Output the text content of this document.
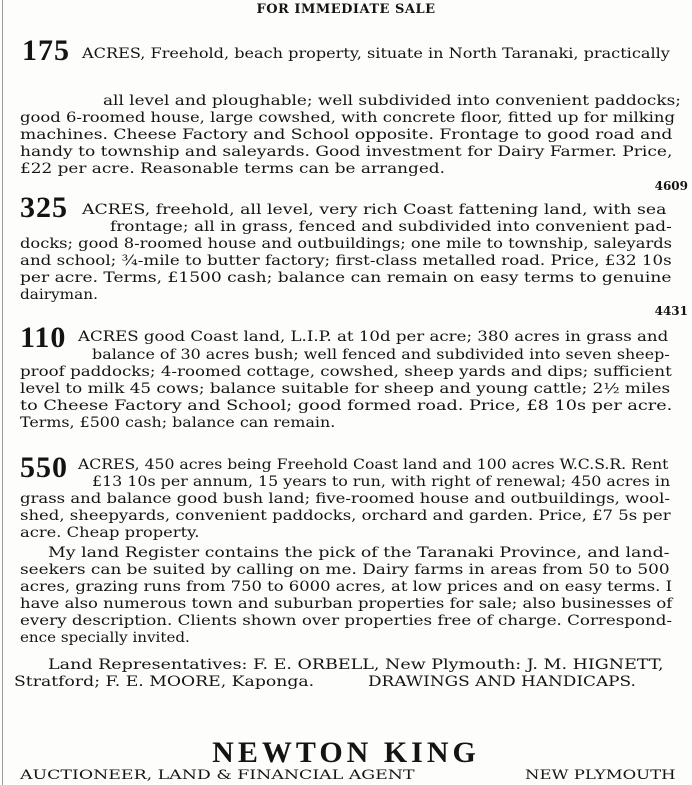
FOR IMMEDIATE SALE
175 ACRES, Freehold, beach property, situate in North Taranaki, practically
all level and ploughable; well subdivided into convenient paddocks;
good 6-roomed house, large cowshed, with concrete floor, fitted up for milking
machines. Cheese Factory and School opposite. Frontage to good road and
handy to township and saleyards. Good investment for Dairy Farmer. Price,
£22 per acre. Reasonable terms can be arranged.
4609
325 ACRES, freehold, all level, very rich Coast fattening land, with sea
frontage; all in grass, fenced and subdivided into convenient pad-
docks; good 8-roomed house and outbuildings; one mile to township, saleyards
and school; ¾-mile to butter factory; first-class metalled road. Price, £32 10s
per acre. Terms, £1500 cash; balance can remain on easy terms to genuine
dairyman.
4431
110 ACRES good Coast land, L.I.P. at 10d per acre; 380 acres in grass and
balance of 30 acres bush; well fenced and subdivided into seven sheep-
proof paddocks; 4-roomed cottage, cowshed, sheep yards and dips; sufficient
level to milk 45 cows; balance suitable for sheep and young cattle; 2½ miles
to Cheese Factory and School; good formed road. Price, £8 10s per acre.
Terms, £500 cash; balance can remain.
550 ACRES, 450 acres being Freehold Coast land and 100 acres W.C.S.R. Rent
£13 10s per annum, 15 years to run, with right of renewal; 450 acres in
grass and balance good bush land; five-roomed house and outbuildings, wool-
shed, sheepyards, convenient paddocks, orchard and garden. Price, £7 5s per
acre. Cheap property.
My land Register contains the pick of the Taranaki Province, and land-
seekers can be suited by calling on me. Dairy farms in areas from 50 to 500
acres, grazing runs from 750 to 6000 acres, at low prices and on easy terms. I
have also numerous town and suburban properties for sale; also businesses of
every description. Clients shown over properties free of charge. Correspond-
ence specially invited.
Land Representatives: F. E. ORBELL, New Plymouth: J. M. HIGNETT,
Stratford; F. E. MOORE, Kaponga.	DRAWINGS AND HANDICAPS.
NEWTON KING
AUCTIONEER, LAND & FINANCIAL AGENT	NEW PLYMOUTH
